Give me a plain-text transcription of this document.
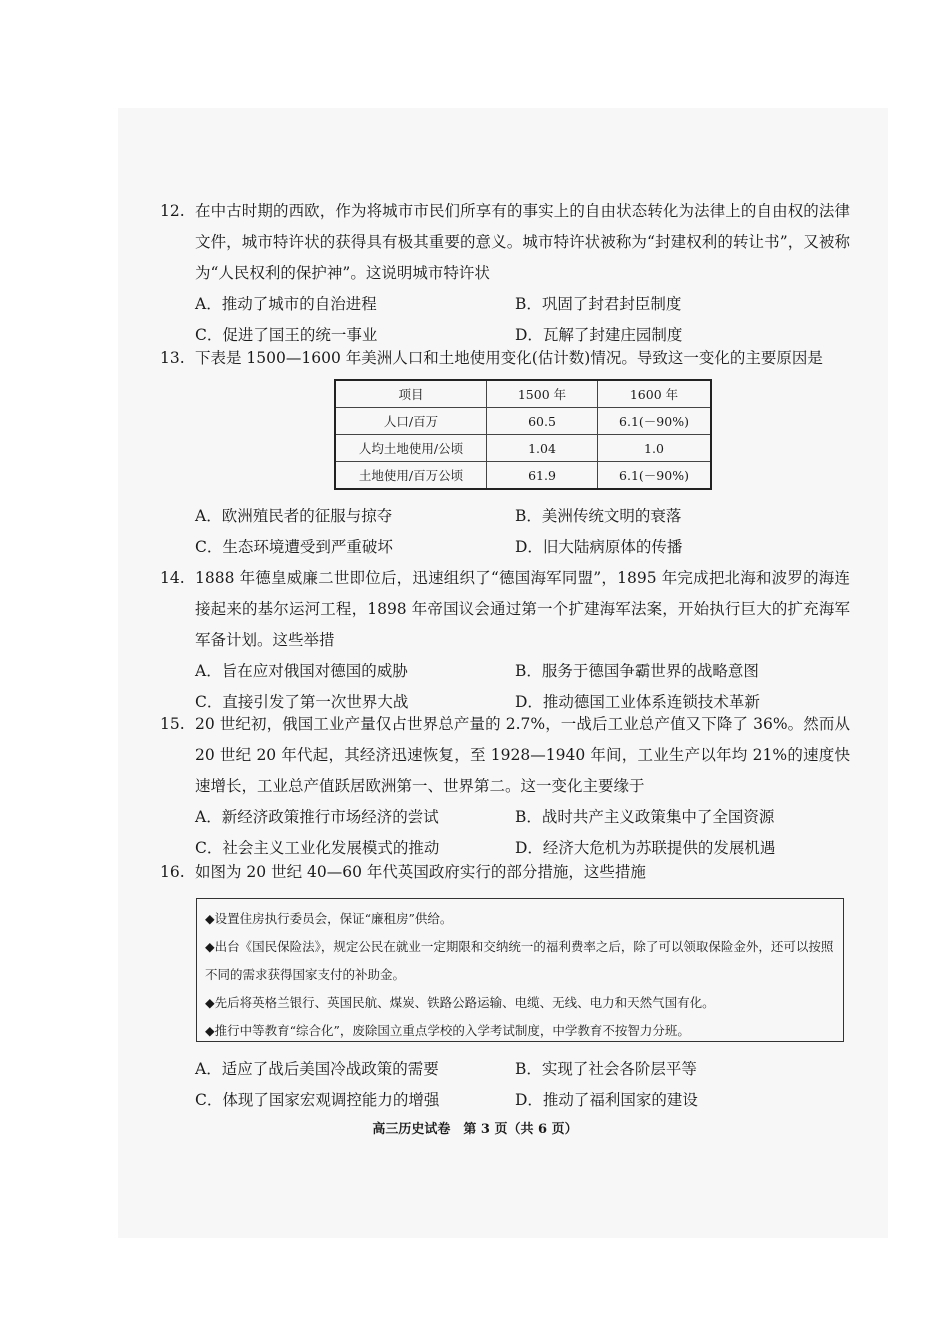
12. 在中古时期的西欧，作为将城市市民们所享有的事实上的自由状态转化为法律上的自由权的法律文件，城市特许状的获得具有极其重要的意义。城市特许状被称为“封建权利的转让书”，又被称为“人民权利的保护神”。这说明城市特许状
A．推动了城市的自治进程	B．巩固了封君封臣制度
C．促进了国王的统一事业	D．瓦解了封建庄园制度
13. 下表是 1500—1600 年美洲人口和土地使用变化(估计数)情况。导致这一变化的主要原因是
项目	1500 年	1600 年
人口/百万	60.5	6.1(－90%)
人均土地使用/公顷	1.04	1.0
土地使用/百万公顷	61.9	6.1(－90%)
A．欧洲殖民者的征服与掠夺	B．美洲传统文明的衰落
C．生态环境遭受到严重破坏	D．旧大陆病原体的传播
14. 1888 年德皇威廉二世即位后，迅速组织了“德国海军同盟”，1895 年完成把北海和波罗的海连接起来的基尔运河工程，1898 年帝国议会通过第一个扩建海军法案，开始执行巨大的扩充海军军备计划。这些举措
A．旨在应对俄国对德国的威胁	B．服务于德国争霸世界的战略意图
C．直接引发了第一次世界大战	D．推动德国工业体系连锁技术革新
15. 20 世纪初，俄国工业产量仅占世界总产量的 2.7%，一战后工业总产值又下降了 36%。然而从 20 世纪 20 年代起，其经济迅速恢复，至 1928—1940 年间，工业生产以年均 21%的速度快速增长，工业总产值跃居欧洲第一、世界第二。这一变化主要缘于
A．新经济政策推行市场经济的尝试	B．战时共产主义政策集中了全国资源
C．社会主义工业化发展模式的推动	D．经济大危机为苏联提供的发展机遇
16. 如图为 20 世纪 40—60 年代英国政府实行的部分措施，这些措施
◆设置住房执行委员会，保证“廉租房”供给。
◆出台《国民保险法》，规定公民在就业一定期限和交纳统一的福利费率之后，除了可以领取保险金外，还可以按照不同的需求获得国家支付的补助金。
◆先后将英格兰银行、英国民航、煤炭、铁路公路运输、电缆、无线、电力和天然气国有化。
◆推行中等教育“综合化”，废除国立重点学校的入学考试制度，中学教育不按智力分班。
A．适应了战后美国冷战政策的需要	B．实现了社会各阶层平等
C．体现了国家宏观调控能力的增强	D．推动了福利国家的建设
高三历史试卷　第 3 页（共 6 页）
